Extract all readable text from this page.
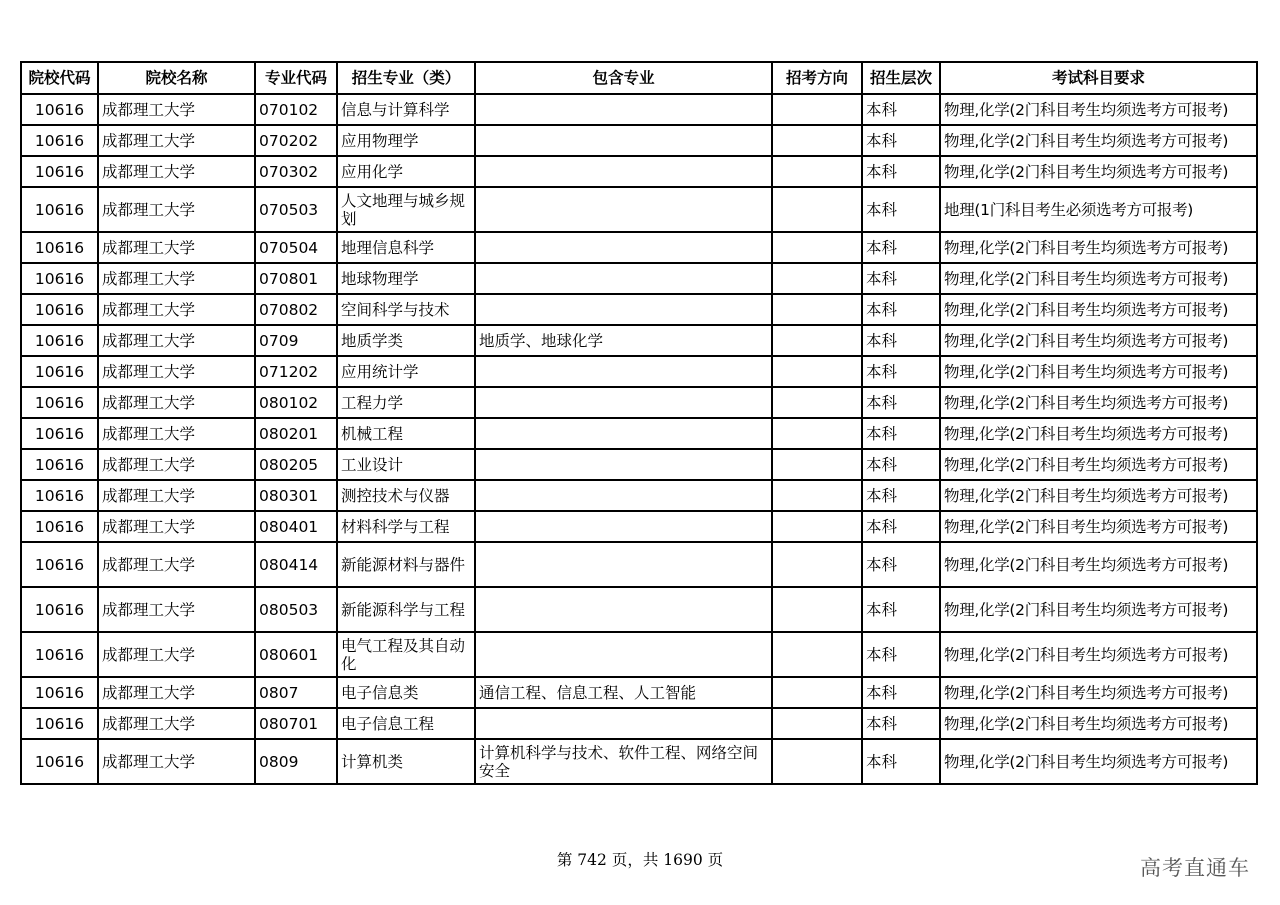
院校代码	院校名称	专业代码	招生专业（类）	包含专业	招考方向	招生层次	考试科目要求
10616	成都理工大学	070102	信息与计算科学			本科	物理,化学(2门科目考生均须选考方可报考)
10616	成都理工大学	070202	应用物理学			本科	物理,化学(2门科目考生均须选考方可报考)
10616	成都理工大学	070302	应用化学			本科	物理,化学(2门科目考生均须选考方可报考)
10616	成都理工大学	070503	人文地理与城乡规划			本科	地理(1门科目考生必须选考方可报考)
10616	成都理工大学	070504	地理信息科学			本科	物理,化学(2门科目考生均须选考方可报考)
10616	成都理工大学	070801	地球物理学			本科	物理,化学(2门科目考生均须选考方可报考)
10616	成都理工大学	070802	空间科学与技术			本科	物理,化学(2门科目考生均须选考方可报考)
10616	成都理工大学	0709	地质学类	地质学、地球化学		本科	物理,化学(2门科目考生均须选考方可报考)
10616	成都理工大学	071202	应用统计学			本科	物理,化学(2门科目考生均须选考方可报考)
10616	成都理工大学	080102	工程力学			本科	物理,化学(2门科目考生均须选考方可报考)
10616	成都理工大学	080201	机械工程			本科	物理,化学(2门科目考生均须选考方可报考)
10616	成都理工大学	080205	工业设计			本科	物理,化学(2门科目考生均须选考方可报考)
10616	成都理工大学	080301	测控技术与仪器			本科	物理,化学(2门科目考生均须选考方可报考)
10616	成都理工大学	080401	材料科学与工程			本科	物理,化学(2门科目考生均须选考方可报考)
10616	成都理工大学	080414	新能源材料与器件			本科	物理,化学(2门科目考生均须选考方可报考)
10616	成都理工大学	080503	新能源科学与工程			本科	物理,化学(2门科目考生均须选考方可报考)
10616	成都理工大学	080601	电气工程及其自动化			本科	物理,化学(2门科目考生均须选考方可报考)
10616	成都理工大学	0807	电子信息类	通信工程、信息工程、人工智能		本科	物理,化学(2门科目考生均须选考方可报考)
10616	成都理工大学	080701	电子信息工程			本科	物理,化学(2门科目考生均须选考方可报考)
10616	成都理工大学	0809	计算机类	计算机科学与技术、软件工程、网络空间安全		本科	物理,化学(2门科目考生均须选考方可报考)
第 742 页，共 1690 页	高考直通车
